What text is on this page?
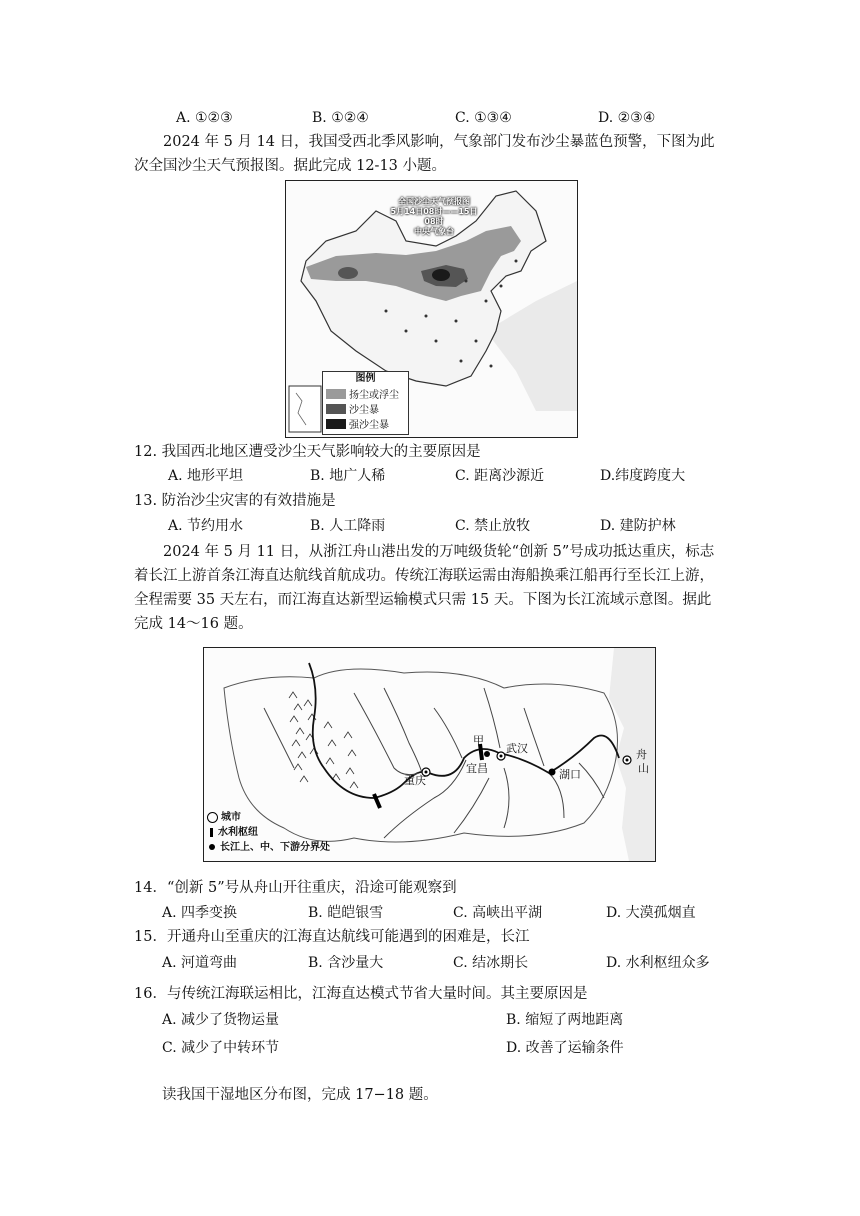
A. ①②③	B. ①②④	C. ①③④	D. ②③④
2024 年 5 月 14 日，我国受西北季风影响，气象部门发布沙尘暴蓝色预警，下图为此次全国沙尘天气预报图。据此完成 12-13 小题。
全国沙尘天气预报图
5月14日08时——15日08时
中央气象台
图例
扬尘或浮尘
沙尘暴
强沙尘暴
12. 我国西北地区遭受沙尘天气影响较大的主要原因是
A. 地形平坦	B. 地广人稀	C. 距离沙源近	D.纬度跨度大
13. 防治沙尘灾害的有效措施是
A. 节约用水	B. 人工降雨	C. 禁止放牧	D. 建防护林
2024 年 5 月 11 日，从浙江舟山港出发的万吨级货轮“创新 5”号成功抵达重庆，标志着长江上游首条江海直达航线首航成功。传统江海联运需由海船换乘江船再行至长江上游，全程需要 35 天左右，而江海直达新型运输模式只需 15 天。下图为长江流域示意图。据此完成 14～16 题。
重庆
甲
宜昌
武汉
湖口
舟
山
城市
水利枢纽
长江上、中、下游分界处
14．“创新 5”号从舟山开往重庆，沿途可能观察到
A. 四季变换	B. 皑皑银雪	C. 高峡出平湖	D. 大漠孤烟直
15．开通舟山至重庆的江海直达航线可能遇到的困难是，长江
A. 河道弯曲	B. 含沙量大	C. 结冰期长	D. 水利枢纽众多
16．与传统江海联运相比，江海直达模式节省大量时间。其主要原因是
A. 减少了货物运量	B. 缩短了两地距离
C. 减少了中转环节	D. 改善了运输条件
读我国干湿地区分布图，完成 17−18 题。
